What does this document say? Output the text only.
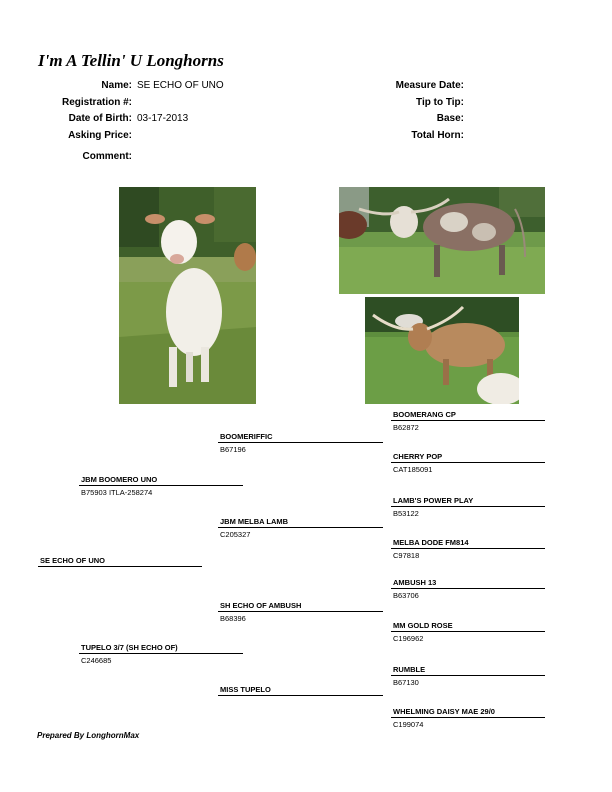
I'm A Tellin' U Longhorns
Name: SE ECHO OF UNO
Registration #:
Date of Birth: 03-17-2013
Asking Price:
Comment:
Measure Date:
Tip to Tip:
Base:
Total Horn:
SE ECHO OF UNO
JBM BOOMERO UNO
B75903 ITLA-258274
TUPELO 3/7 (SH ECHO OF)
C246685
BOOMERIFFIC
B67196
JBM MELBA LAMB
C205327
SH ECHO OF AMBUSH
B68396
MISS TUPELO
BOOMERANG CP
B62872
CHERRY POP
CAT185091
LAMB'S POWER PLAY
B53122
MELBA DODE FM814
C97818
AMBUSH 13
B63706
MM GOLD ROSE
C196962
RUMBLE
B67130
WHELMING DAISY MAE 29/0
C199074
Prepared By LonghornMax
